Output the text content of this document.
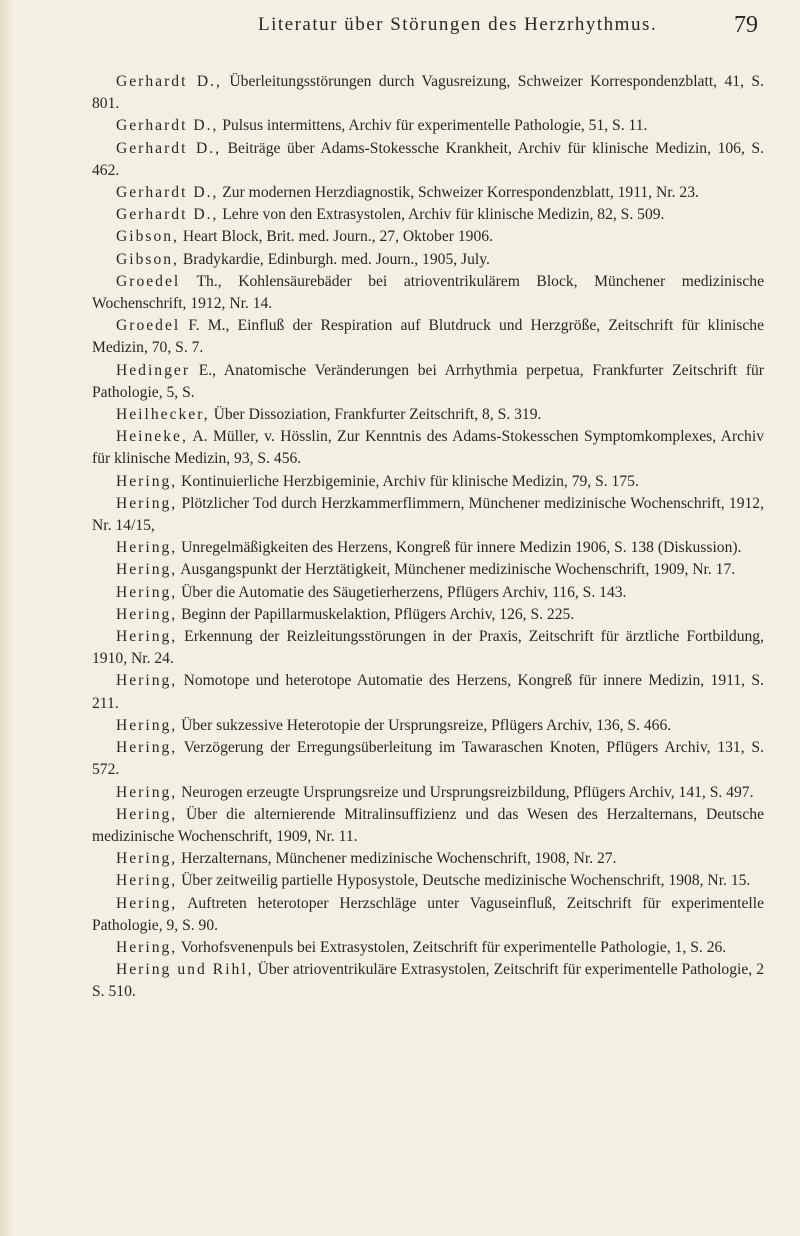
Literatur über Störungen des Herzrhythmus.	79

Gerhardt D., Überleitungsstörungen durch Vagusreizung, Schweizer Korrespondenzblatt, 41, S. 801.

Gerhardt D., Pulsus intermittens, Archiv für experimentelle Pathologie, 51, S. 11.

Gerhardt D., Beiträge über Adams-Stokessche Krankheit, Archiv für klinische Medizin, 106, S. 462.

Gerhardt D., Zur modernen Herzdiagnostik, Schweizer Korrespondenzblatt, 1911, Nr. 23.

Gerhardt D., Lehre von den Extrasystolen, Archiv für klinische Medizin, 82, S. 509.

Gibson, Heart Block, Brit. med. Journ., 27, Oktober 1906.

Gibson, Bradykardie, Edinburgh. med. Journ., 1905, July.

Groedel Th., Kohlensäurebäder bei atrioventrikulärem Block, Münchener medizinische Wochenschrift, 1912, Nr. 14.

Groedel F. M., Einfluß der Respiration auf Blutdruck und Herzgröße, Zeitschrift für klinische Medizin, 70, S. 7.

Hedinger E., Anatomische Veränderungen bei Arrhythmia perpetua, Frankfurter Zeitschrift für Pathologie, 5, S.

Heilhecker, Über Dissoziation, Frankfurter Zeitschrift, 8, S. 319.

Heineke, A. Müller, v. Hösslin, Zur Kenntnis des Adams-Stokesschen Symptomkomplexes, Archiv für klinische Medizin, 93, S. 456.

Hering, Kontinuierliche Herzbigeminie, Archiv für klinische Medizin, 79, S. 175.

Hering, Plötzlicher Tod durch Herzkammerflimmern, Münchener medizinische Wochenschrift, 1912, Nr. 14/15,

Hering, Unregelmäßigkeiten des Herzens, Kongreß für innere Medizin 1906, S. 138 (Diskussion).

Hering, Ausgangspunkt der Herztätigkeit, Münchener medizinische Wochenschrift, 1909, Nr. 17.

Hering, Über die Automatie des Säugetierherzens, Pflügers Archiv, 116, S. 143.

Hering, Beginn der Papillarmuskelaktion, Pflügers Archiv, 126, S. 225.

Hering, Erkennung der Reizleitungsstörungen in der Praxis, Zeitschrift für ärztliche Fortbildung, 1910, Nr. 24.

Hering, Nomotope und heterotope Automatie des Herzens, Kongreß für innere Medizin, 1911, S. 211.

Hering, Über sukzessive Heterotopie der Ursprungsreize, Pflügers Archiv, 136, S. 466.

Hering, Verzögerung der Erregungsüberleitung im Tawaraschen Knoten, Pflügers Archiv, 131, S. 572.

Hering, Neurogen erzeugte Ursprungsreize und Ursprungsreizbildung, Pflügers Archiv, 141, S. 497.

Hering, Über die alternierende Mitralinsuffizienz und das Wesen des Herzalternans, Deutsche medizinische Wochenschrift, 1909, Nr. 11.

Hering, Herzalternans, Münchener medizinische Wochenschrift, 1908, Nr. 27.

Hering, Über zeitweilig partielle Hyposystole, Deutsche medizinische Wochenschrift, 1908, Nr. 15.

Hering, Auftreten heterotoper Herzschläge unter Vaguseinfluß, Zeitschrift für experimentelle Pathologie, 9, S. 90.

Hering, Vorhofsvenenpuls bei Extrasystolen, Zeitschrift für experimentelle Pathologie, 1, S. 26.

Hering und Rihl, Über atrioventrikuläre Extrasystolen, Zeitschrift für experimentelle Pathologie, 2 S. 510.
